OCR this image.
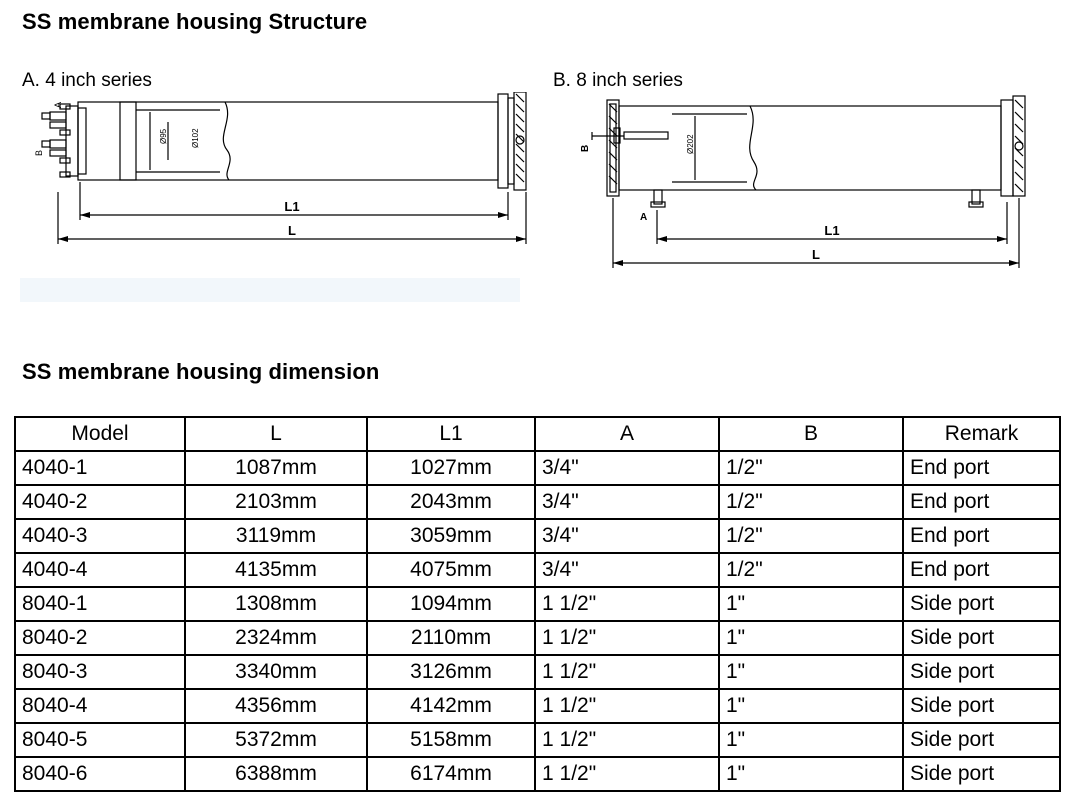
SS membrane housing Structure
A. 4 inch series	B. 8 inch series
A
B
Ø95	Ø102
L1
L
B
A
Ø202
L1
L
SS membrane housing dimension
Model	L	L1	A	B	Remark
4040-1	1087mm	1027mm	3/4"	1/2"	End port
4040-2	2103mm	2043mm	3/4"	1/2"	End port
4040-3	3119mm	3059mm	3/4"	1/2"	End port
4040-4	4135mm	4075mm	3/4"	1/2"	End port
8040-1	1308mm	1094mm	1 1/2"	1"	Side port
8040-2	2324mm	2110mm	1 1/2"	1"	Side port
8040-3	3340mm	3126mm	1 1/2"	1"	Side port
8040-4	4356mm	4142mm	1 1/2"	1"	Side port
8040-5	5372mm	5158mm	1 1/2"	1"	Side port
8040-6	6388mm	6174mm	1 1/2"	1"	Side port
